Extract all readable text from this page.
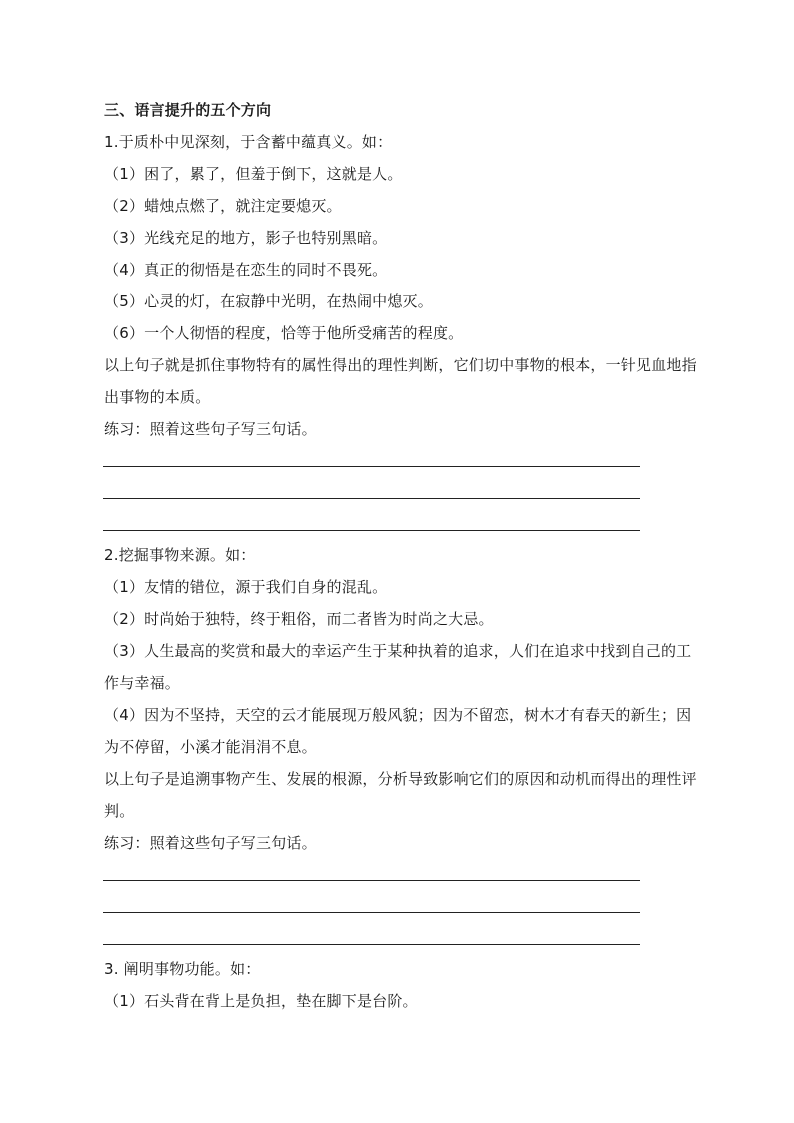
三、语言提升的五个方向
1.于质朴中见深刻，于含蓄中蕴真义。如：
（1）困了，累了，但羞于倒下，这就是人。
（2）蜡烛点燃了，就注定要熄灭。
（3）光线充足的地方，影子也特别黑暗。
（4）真正的彻悟是在恋生的同时不畏死。
（5）心灵的灯，在寂静中光明，在热闹中熄灭。
（6）一个人彻悟的程度，恰等于他所受痛苦的程度。
以上句子就是抓住事物特有的属性得出的理性判断，它们切中事物的根本，一针见血地指
出事物的本质。
练习：照着这些句子写三句话。
2.挖掘事物来源。如：
（1）友情的错位，源于我们自身的混乱。
（2）时尚始于独特，终于粗俗，而二者皆为时尚之大忌。
（3）人生最高的奖赏和最大的幸运产生于某种执着的追求，人们在追求中找到自己的工
作与幸福。
（4）因为不坚持，天空的云才能展现万般风貌；因为不留恋，树木才有春天的新生；因
为不停留，小溪才能涓涓不息。
以上句子是追溯事物产生、发展的根源，分析导致影响它们的原因和动机而得出的理性评
判。
练习：照着这些句子写三句话。
3. 阐明事物功能。如：
（1）石头背在背上是负担，垫在脚下是台阶。
